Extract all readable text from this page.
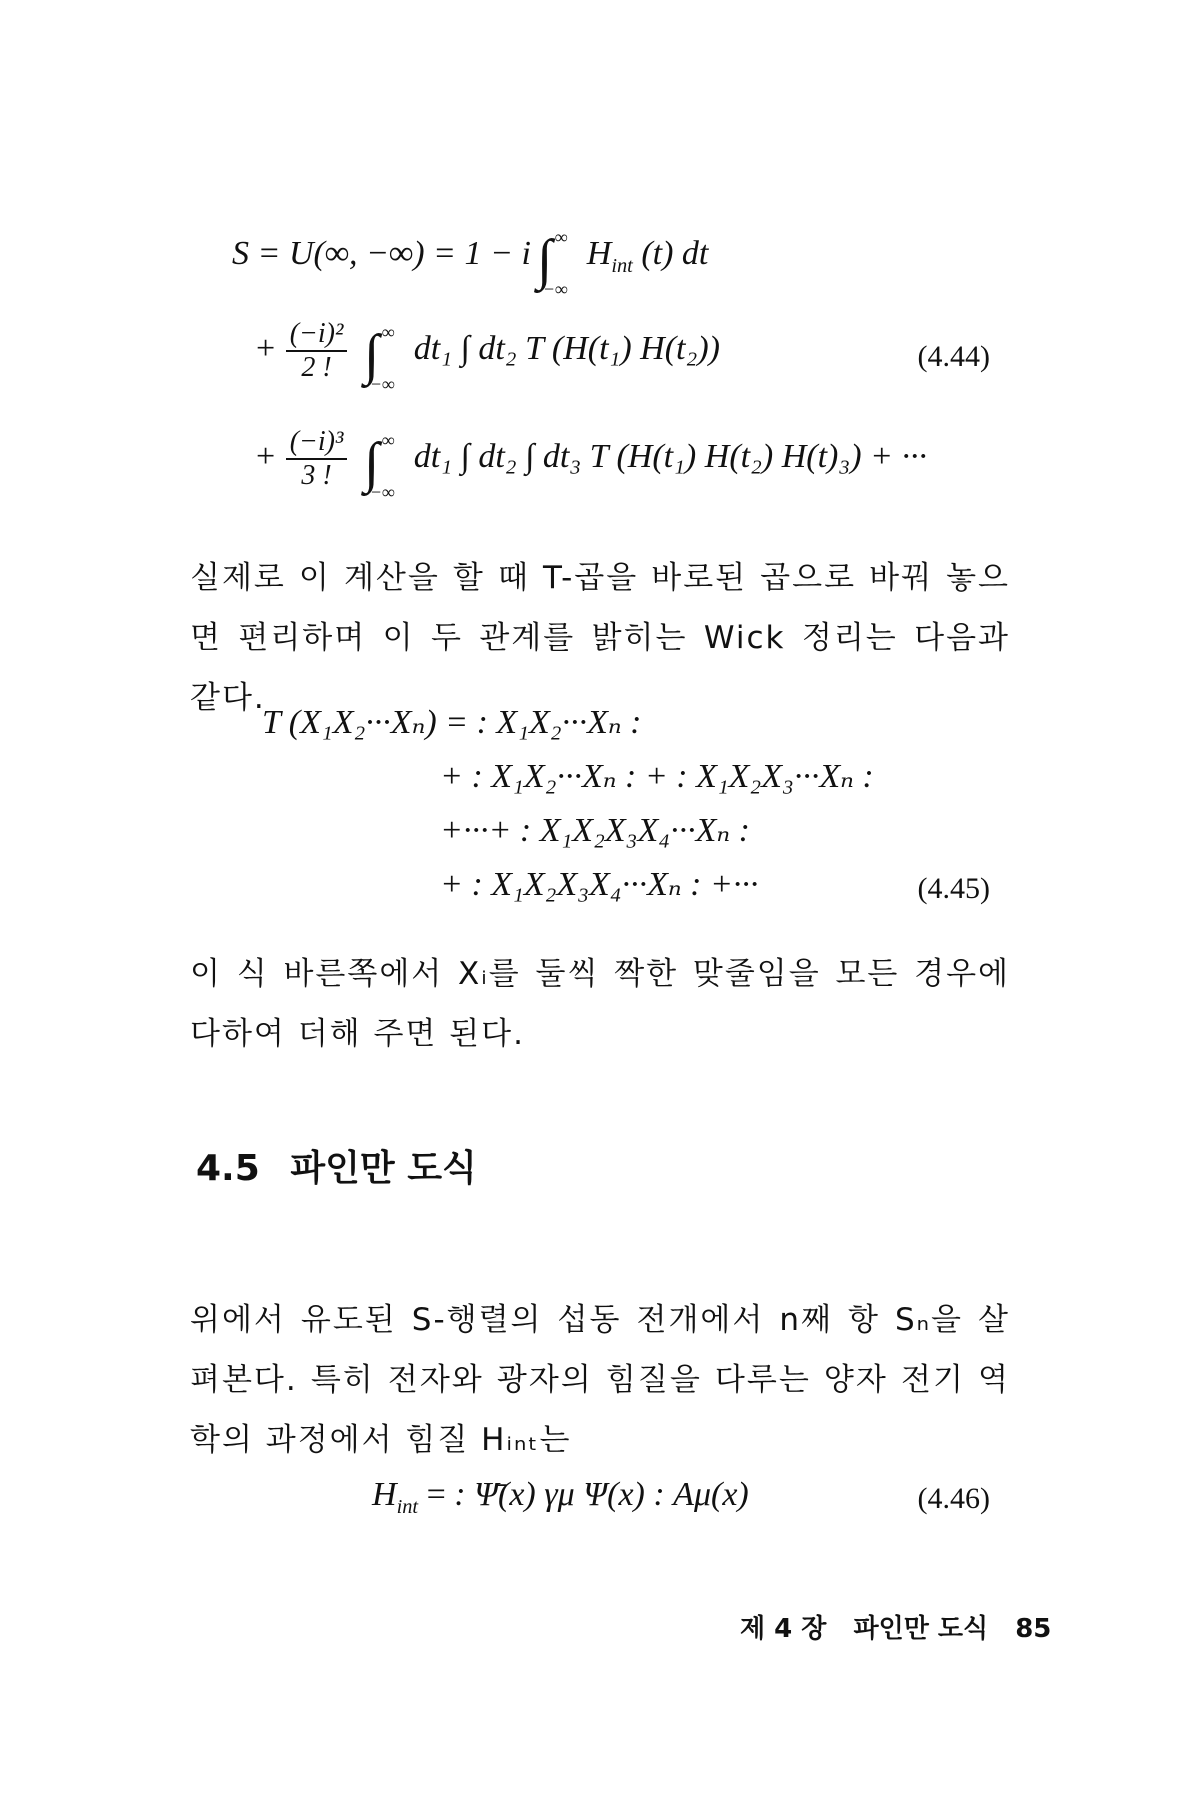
S = U(∞, −∞) = 1 − i ∫ ∞
−∞
$H_{int}$ (t) dt
+ $\frac{\text{(−i)²}}{2 !}$ ∫ ∞
−∞
dt₁ ∫ dt₂ T (H(t₁) H(t₂))	(4.44)
+ $\frac{\text{(−i)³}}{3 !}$ ∫ ∞
−∞
dt₁ ∫ dt₂ ∫ dt₃ T (H(t₁) H(t₂) H(t)₃) + ···
실제로 이 계산을 할 때 T-곱을 바로된 곱으로 바꿔 놓으면 편리하며 이 두 관계를 밝히는 Wick 정리는 다음과 같다.
T (X₁X₂···Xₙ) = : X₁X₂···Xₙ :
+ : X₁X₂···Xₙ : + : X₁X₂X₃···Xₙ :
+···+ : X₁X₂X₃X₄···Xₙ :
+ : X₁X₂X₃X₄···Xₙ : +···	(4.45)
이 식 바른쪽에서 Xᵢ를 둘씩 짝한 맞줄임을 모든 경우에 다하여 더해 주면 된다.
4.5 파인만 도식
위에서 유도된 S-행렬의 섭동 전개에서 n째 항 Sₙ을 살펴본다. 특히 전자와 광자의 힘질을 다루는 양자 전기 역학의 과정에서 힘질 Hᵢₙₜ는
$H_{int}$ = : Ψ̄(x) γμ Ψ(x) : Aμ(x)	(4.46)
제 4 장 파인만 도식 85
